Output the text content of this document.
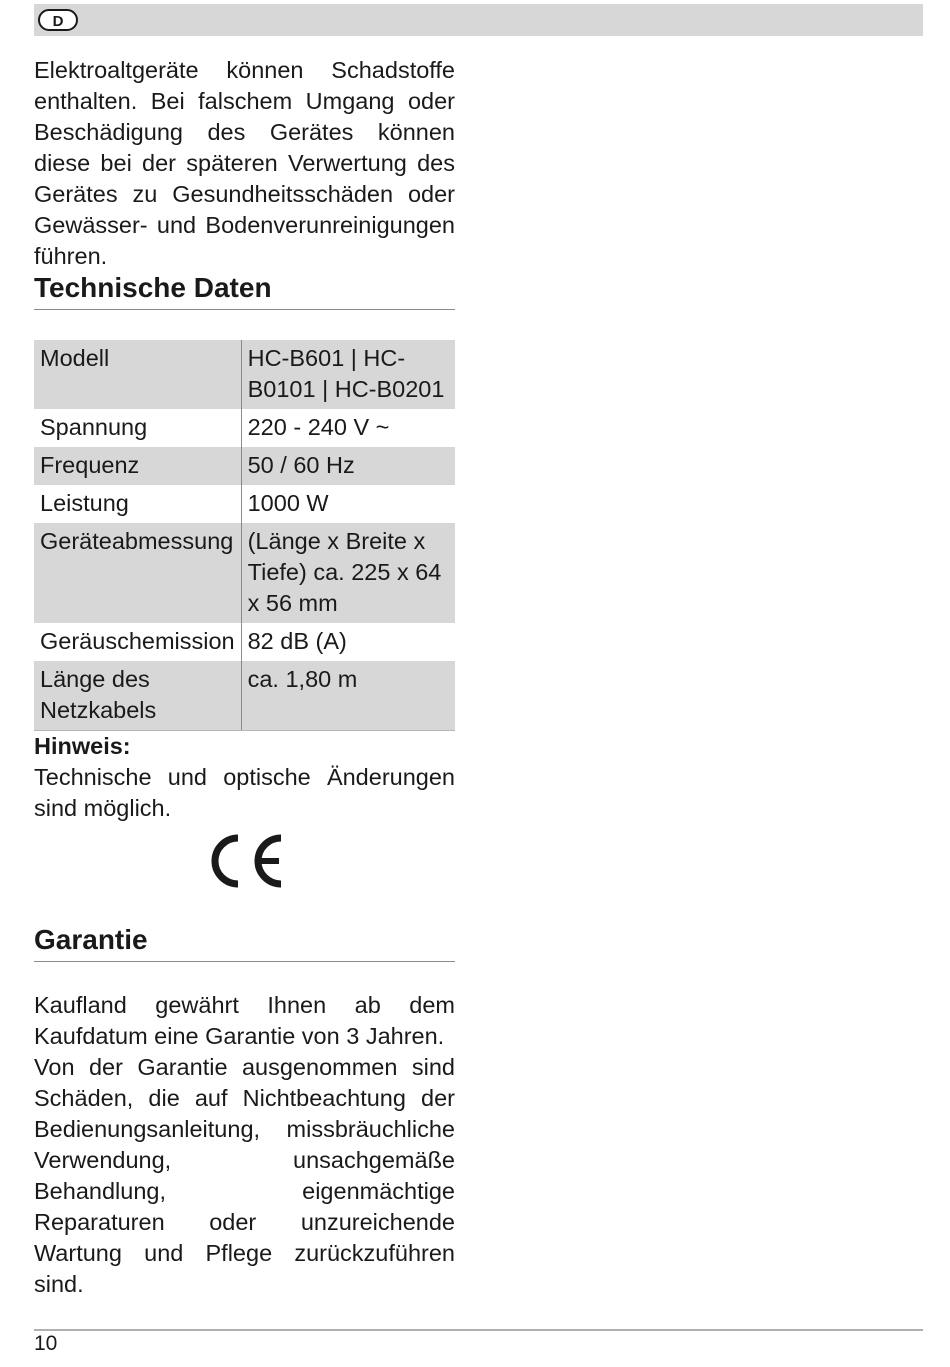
D
Elektroaltgeräte können Schadstoffe enthalten. Bei falschem Umgang oder Beschädigung des Gerätes können diese bei der späteren Verwertung des Gerätes zu Gesundheitsschäden oder Gewässer- und Bodenverunreinigungen führen.
Technische Daten
Modell	HC-B601 | HC-B0101 | HC-B0201
Spannung	220 - 240 V ~
Frequenz	50 / 60 Hz
Leistung	1000 W
Geräteabmessung	(Länge x Breite x Tiefe) ca. 225 x 64 x 56 mm
Geräuschemission	82 dB (A)
Länge des Netzkabels	ca. 1,80 m
Hinweis:
Technische und optische Änderungen sind möglich.
Garantie
Kaufland gewährt Ihnen ab dem Kaufdatum eine Garantie von 3 Jahren.
Von der Garantie ausgenommen sind Schäden, die auf Nichtbeachtung der Bedienungsanleitung, missbräuchliche Verwendung, unsachgemäße Behandlung, eigenmächtige Reparaturen oder unzureichende Wartung und Pflege zurückzuführen sind.
10
